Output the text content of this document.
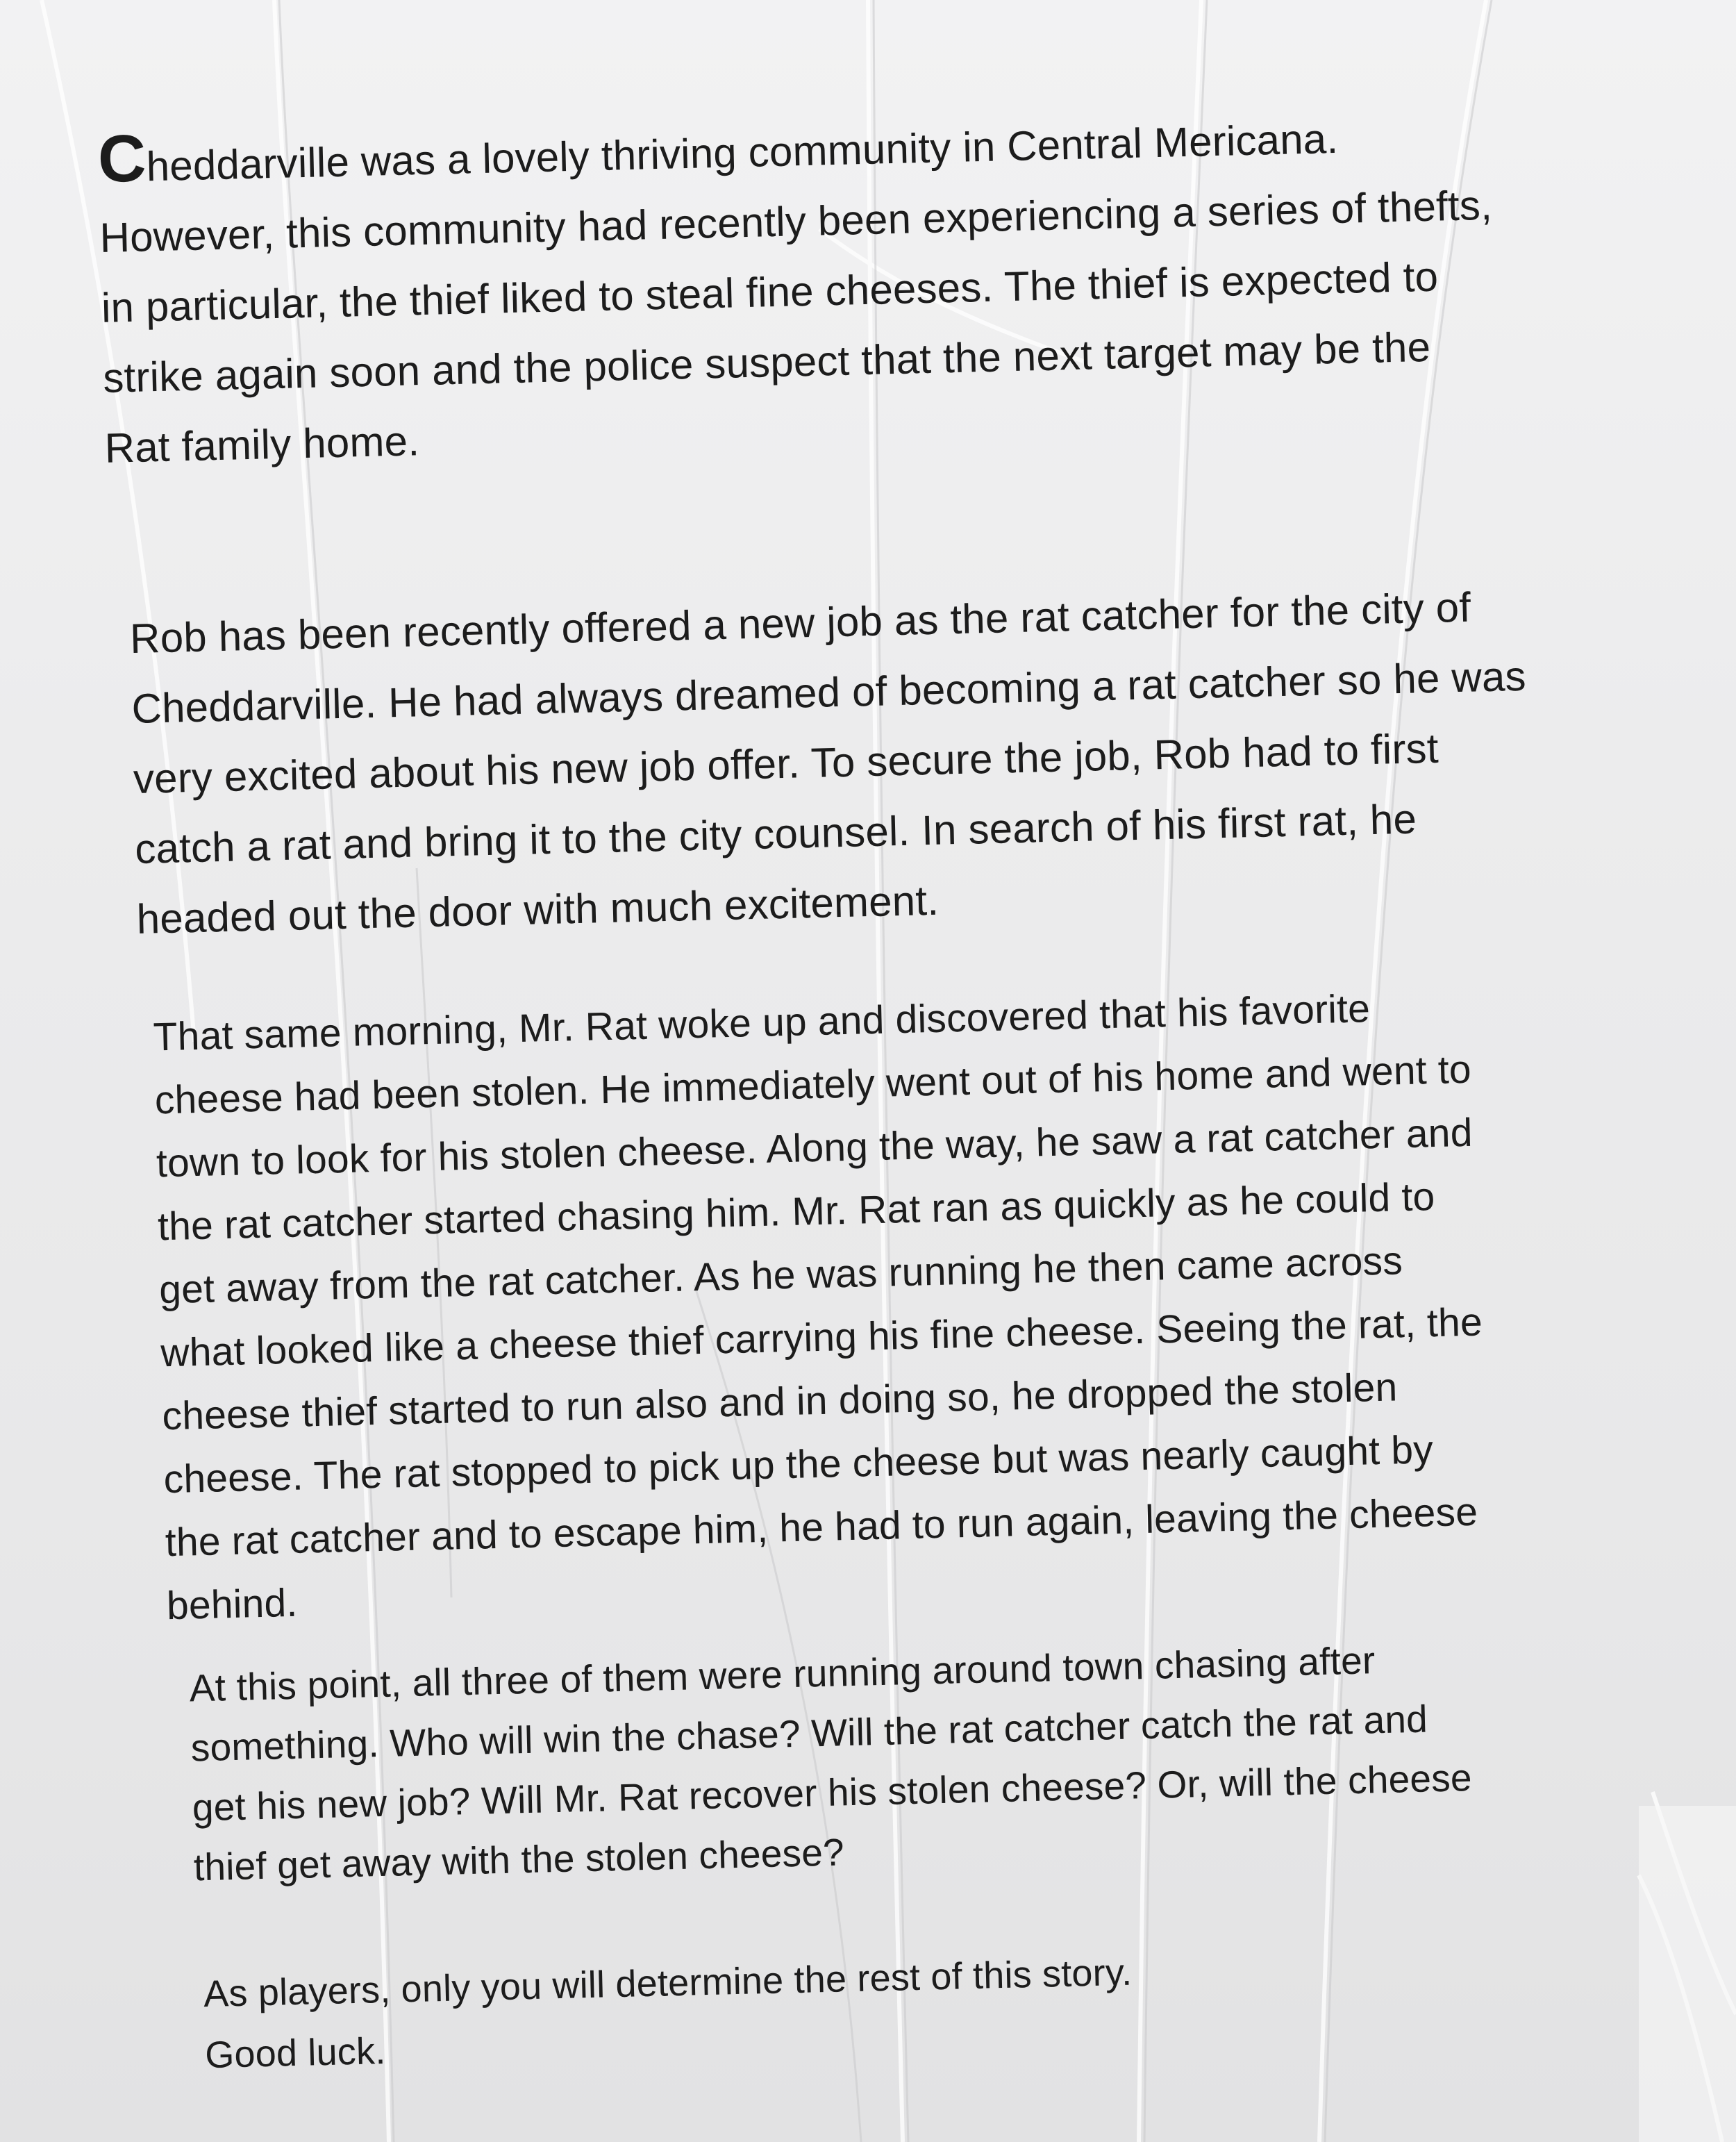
Cheddarville was a lovely thriving community in Central Mericana.
However, this community had recently been experiencing a series of thefts,
in particular, the thief liked to steal fine cheeses. The thief is expected to
strike again soon and the police suspect that the next target may be the
Rat family home.

Rob has been recently offered a new job as the rat catcher for the city of
Cheddarville. He had always dreamed of becoming a rat catcher so he was
very excited about his new job offer. To secure the job, Rob had to first
catch a rat and bring it to the city counsel. In search of his first rat, he
headed out the door with much excitement.

That same morning, Mr. Rat woke up and discovered that his favorite
cheese had been stolen. He immediately went out of his home and went to
town to look for his stolen cheese. Along the way, he saw a rat catcher and
the rat catcher started chasing him. Mr. Rat ran as quickly as he could to
get away from the rat catcher. As he was running he then came across
what looked like a cheese thief carrying his fine cheese. Seeing the rat, the
cheese thief started to run also and in doing so, he dropped the stolen
cheese. The rat stopped to pick up the cheese but was nearly caught by
the rat catcher and to escape him, he had to run again, leaving the cheese
behind.

At this point, all three of them were running around town chasing after
something. Who will win the chase? Will the rat catcher catch the rat and
get his new job? Will Mr. Rat recover his stolen cheese? Or, will the cheese
thief get away with the stolen cheese?

As players, only you will determine the rest of this story.
Good luck.
